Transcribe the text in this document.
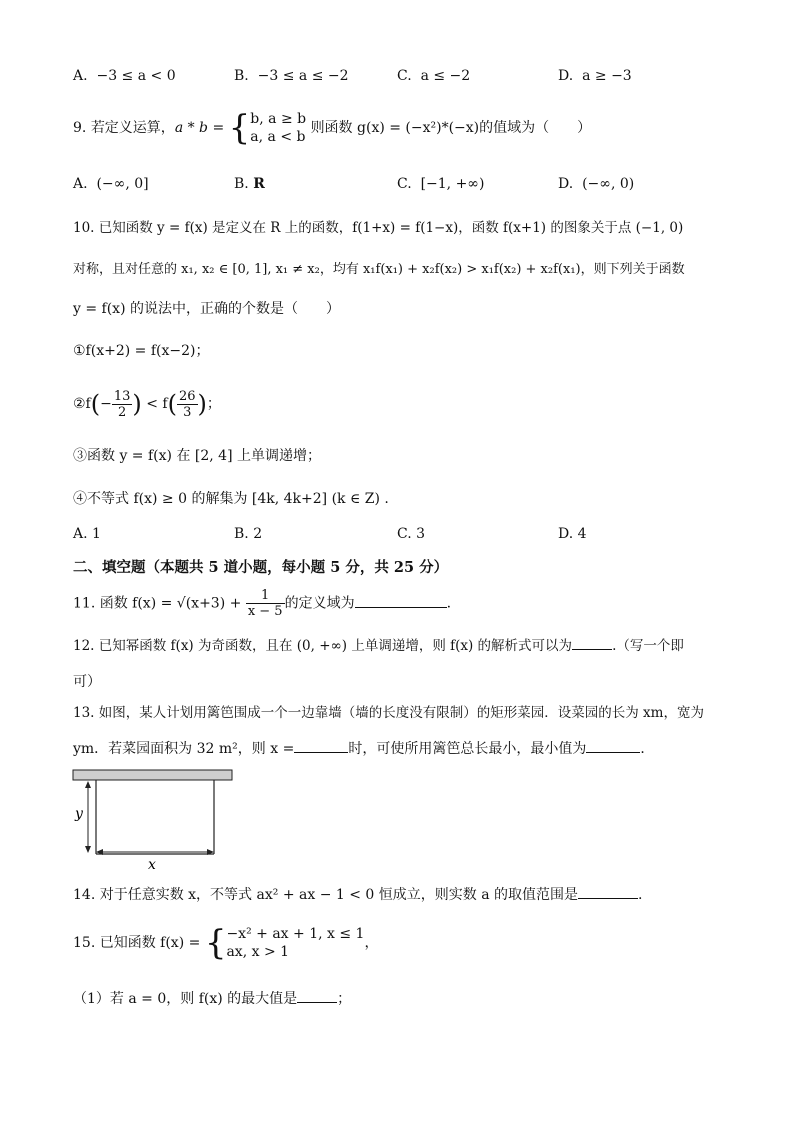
A. −3 ≤ a < 0	B. −3 ≤ a ≤ −2	C. a ≤ −2	D. a ≥ −3
9. 若定义运算，a * b = { b, a ≥ b
a, a < b
则函数 g(x) = (−x²)*(−x)的值域为（　　）
A. (−∞, 0]	B. R	C. [−1, +∞)	D. (−∞, 0)
10. 已知函数 y = f(x) 是定义在 R 上的函数，f(1+x) = f(1−x)，函数 f(x+1) 的图象关于点 (−1, 0)
对称，且对任意的 x₁, x₂ ∈ [0, 1], x₁ ≠ x₂，均有 x₁f(x₁) + x₂f(x₂) > x₁f(x₂) + x₂f(x₁)，则下列关于函数
y = f(x) 的说法中，正确的个数是（　　）
①f(x+2) = f(x−2)；
②f(− $\frac{13}{2}$ ) < $f( \frac{26}{3}$ )；
③函数 y = f(x) 在 [2, 4] 上单调递增；
④不等式 f(x) ≥ 0 的解集为 [4k, 4k+2] (k ∈ Z) .
A. 1	B. 2	C. 3	D. 4
二、填空题（本题共 5 道小题，每小题 5 分，共 25 分）
11. 函数 $f(x) = √(x+3) + \frac{1}{x - 5}$ 的定义域为	.
12. 已知幂函数 f(x) 为奇函数，且在 (0, +∞) 上单调递增，则 f(x) 的解析式可以为	.（写一个即
可）
13. 如图，某人计划用篱笆围成一个一边靠墙（墙的长度没有限制）的矩形菜园．设菜园的长为 xm，宽为
ym．若菜园面积为 32 m²，则 x =	时，可使所用篱笆总长最小，最小值为	．
y
x
14. 对于任意实数 x，不等式 ax² + ax − 1 < 0 恒成立，则实数 a 的取值范围是	.
15. 已知函数 f(x) = { −x² + ax + 1, x ≤ 1
ax, x > 1
，
（1）若 a = 0，则 f(x) 的最大值是	；
